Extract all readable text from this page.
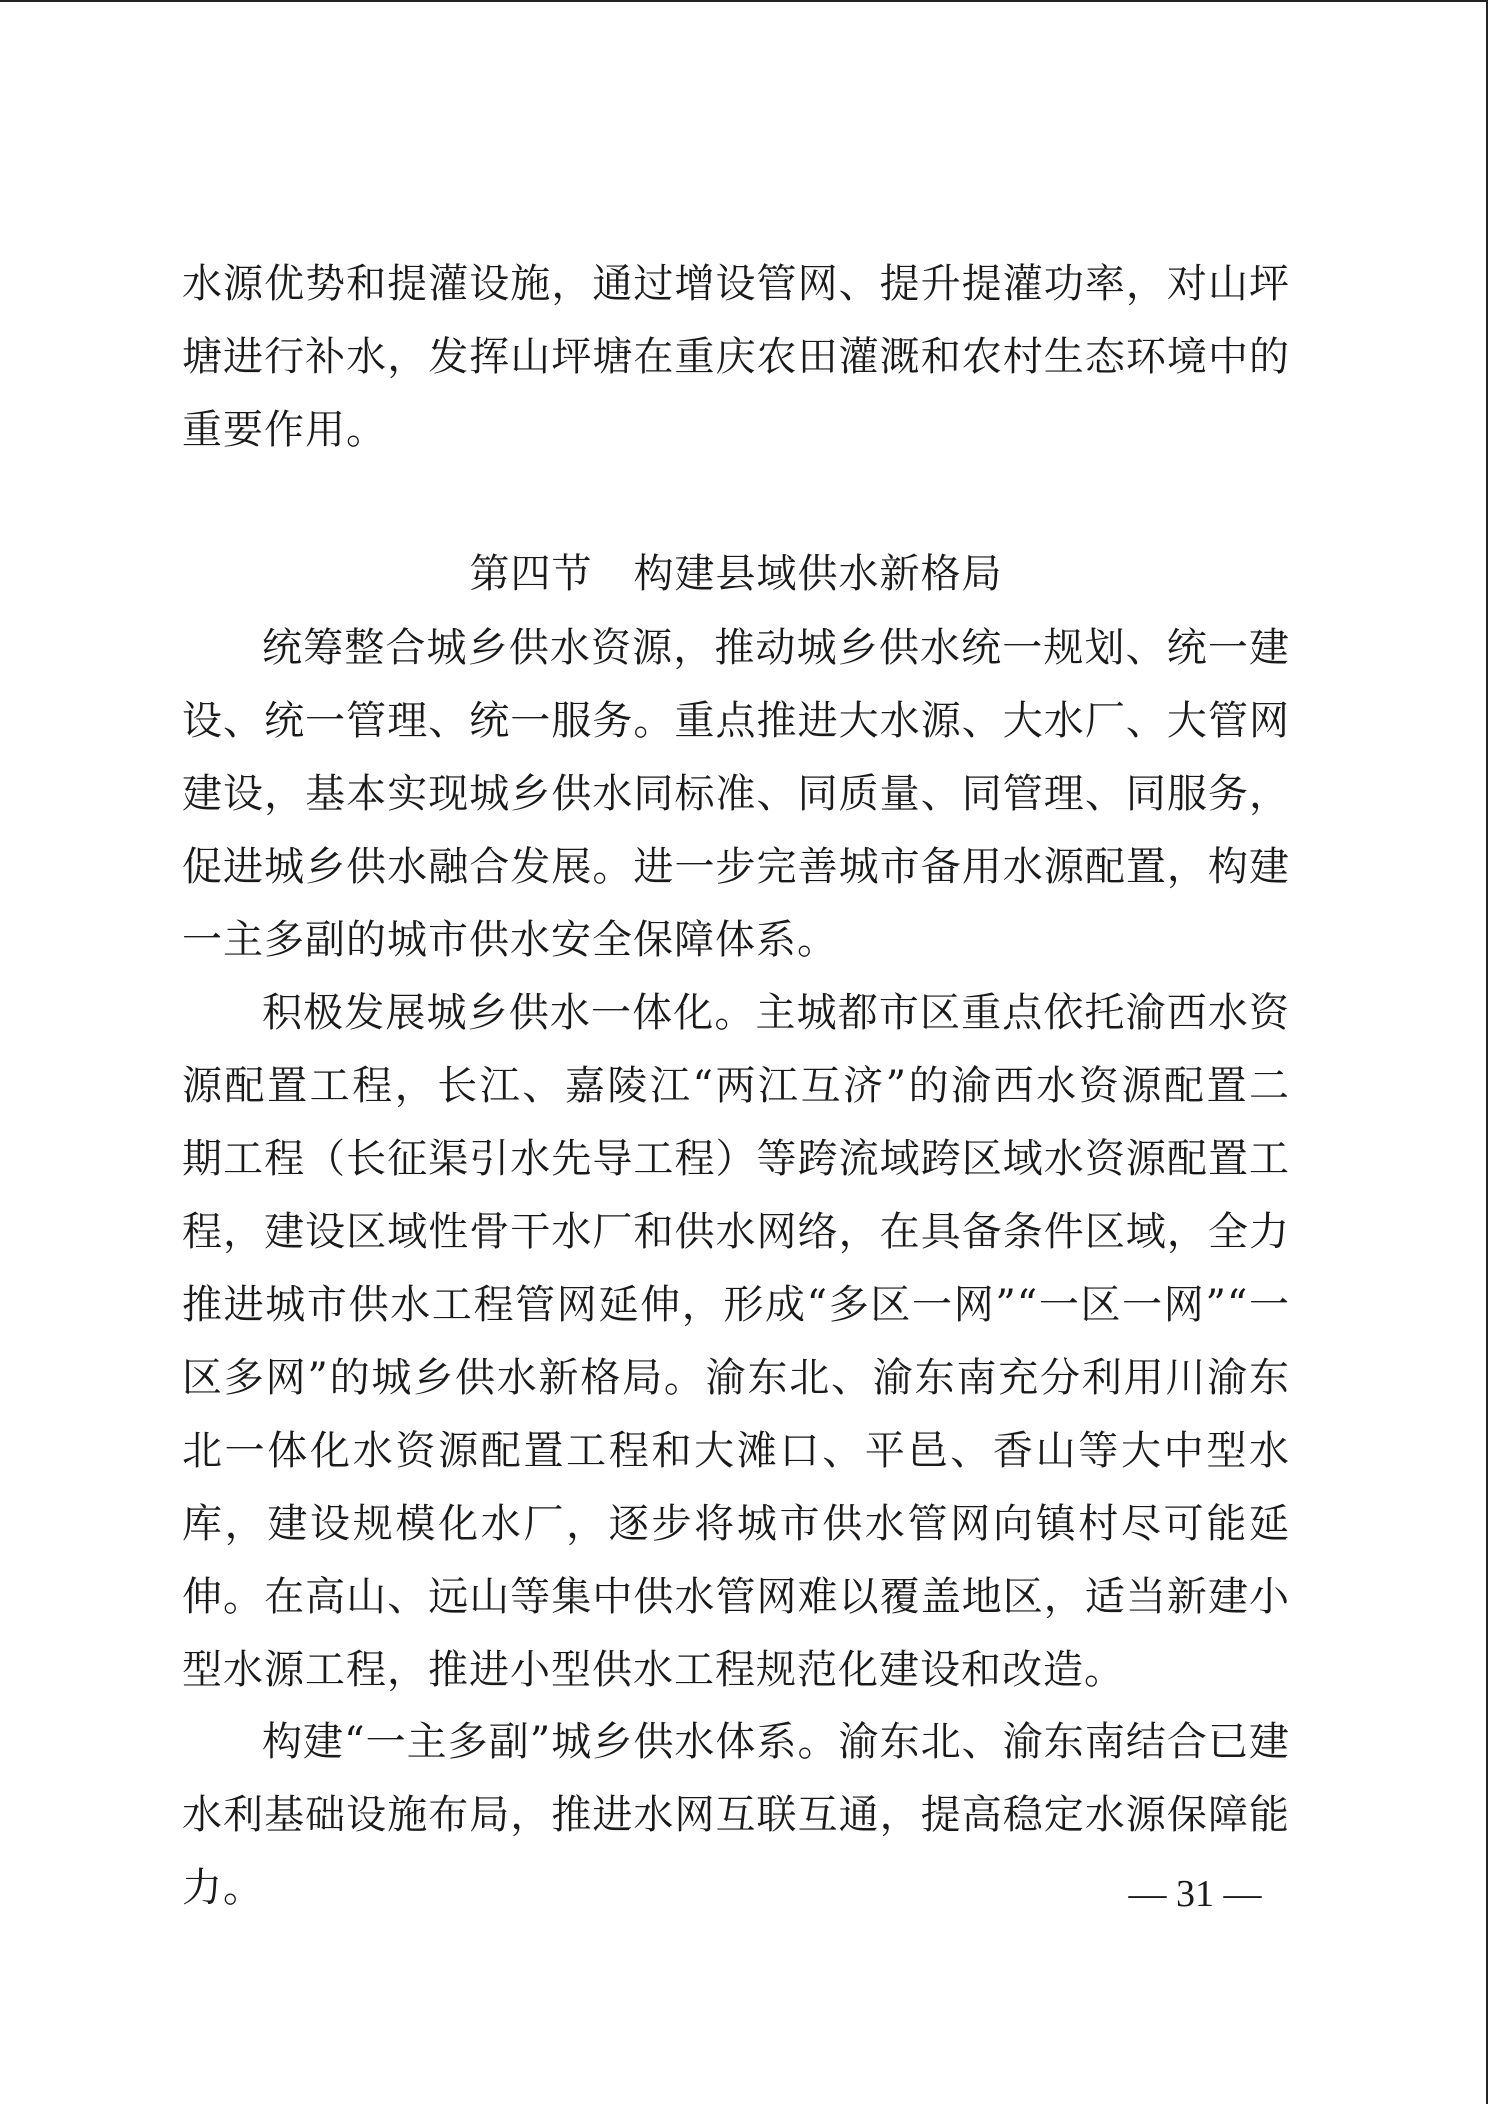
水源优势和提灌设施，通过增设管网、提升提灌功率，对山坪塘进行补水，发挥山坪塘在重庆农田灌溉和农村生态环境中的重要作用。

第四节　构建县域供水新格局

统筹整合城乡供水资源，推动城乡供水统一规划、统一建设、统一管理、统一服务。重点推进大水源、大水厂、大管网建设，基本实现城乡供水同标准、同质量、同管理、同服务，促进城乡供水融合发展。进一步完善城市备用水源配置，构建一主多副的城市供水安全保障体系。

积极发展城乡供水一体化。主城都市区重点依托渝西水资源配置工程，长江、嘉陵江“两江互济”的渝西水资源配置二期工程（长征渠引水先导工程）等跨流域跨区域水资源配置工程，建设区域性骨干水厂和供水网络，在具备条件区域，全力推进城市供水工程管网延伸，形成“多区一网”“一区一网”“一区多网”的城乡供水新格局。渝东北、渝东南充分利用川渝东北一体化水资源配置工程和大滩口、平邑、香山等大中型水库，建设规模化水厂，逐步将城市供水管网向镇村尽可能延伸。在高山、远山等集中供水管网难以覆盖地区，适当新建小型水源工程，推进小型供水工程规范化建设和改造。

构建“一主多副”城乡供水体系。渝东北、渝东南结合已建水利基础设施布局，推进水网互联互通，提高稳定水源保障能力。	— 31 —
